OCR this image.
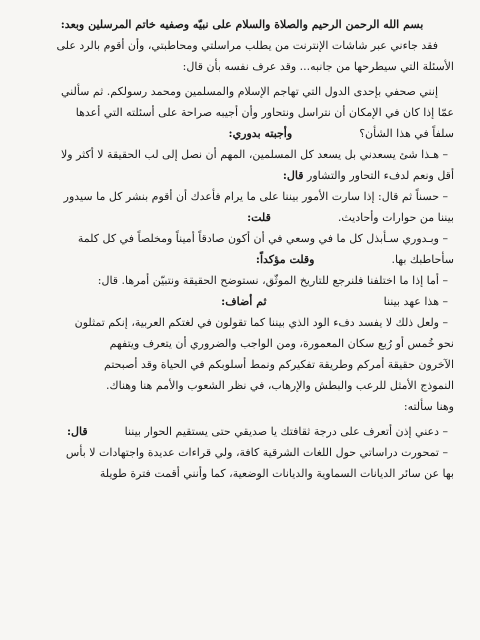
بسم الله الرحمن الرحيم والصلاة والسلام على نبيّه وصفيه خاتم المرسلين وبعد:
فقد جاءني عبر شاشات الإنترنت من يطلب مراسلتي ومحاطبتي، وأن أقوم بالرد على
الأسئلة التي سيطرحها من جانبه... وقد عرف نفسه بأن قال:
إنني صحفي بإحدى الدول التي تهاجم الإسلام والمسلمين ومحمد رسولكم. ثم سألني
عمّا إذا كان في الإمكان أن نتراسل ونتحاور وأن أجيبه صراحة على أسئلته التي أعدها
سلفاً في هذا الشأن؟  وأجبته بدوري:
– هـذا شئ يسعدني بل يسعد كل المسلمين، المهم أن نصل إلى لب الحقيقة لا أكثر ولا
أقل ونعم لدفء التحاور والتشاور قال:
– حسناً ثم قال: إذا سارت الأمور بيننا على ما يرام فأعدك أن أقوم بنشر كل ما سيدور
بيننا من حوارات وأحاديث.  قلت:
– وبـدوري سـأبذل كل ما في وسعي في أن أكون صادقاً أميناً ومخلصاً في كل كلمة
سأحاطبك بها.  وقلت مؤكداً:
– أما إذا ما اختلفنا فلنرجع للتاريخ الموثّق، نستوضح الحقيقة ونتبيّن أمرها. قال:
– هذا عهد بيننا  ثم أضاف:
– ولعل ذلك لا يفسد دفء الود الذي بيننا كما تقولون في لغتكم العربية، إنكم تمثلون
نحو خُمس أو رُبع سكان المعمورة، ومن الواجب والضروري أن يتعرف ويتفهم
الآخرون حقيقة أمركم وطريقة تفكيركم ونمط أسلوبكم في الحياة وقد أصبحتم
النموذج الأمثل للرعب والبطش والإرهاب، في نظر الشعوب والأمم هنا وهناك.
وهنا سألته:
– دعني إذن أتعرف على درجة ثقافتك يا صديقي حتى يستقيم الحوار بيننا  قال:
– تمحورت دراساتي حول اللغات الشرقية كافة، ولي قراءات عديدة واجتهادات لا بأس
بها عن سائر الديانات السماوية والديانات الوضعية، كما وأنني أقمت فترة طويلة
